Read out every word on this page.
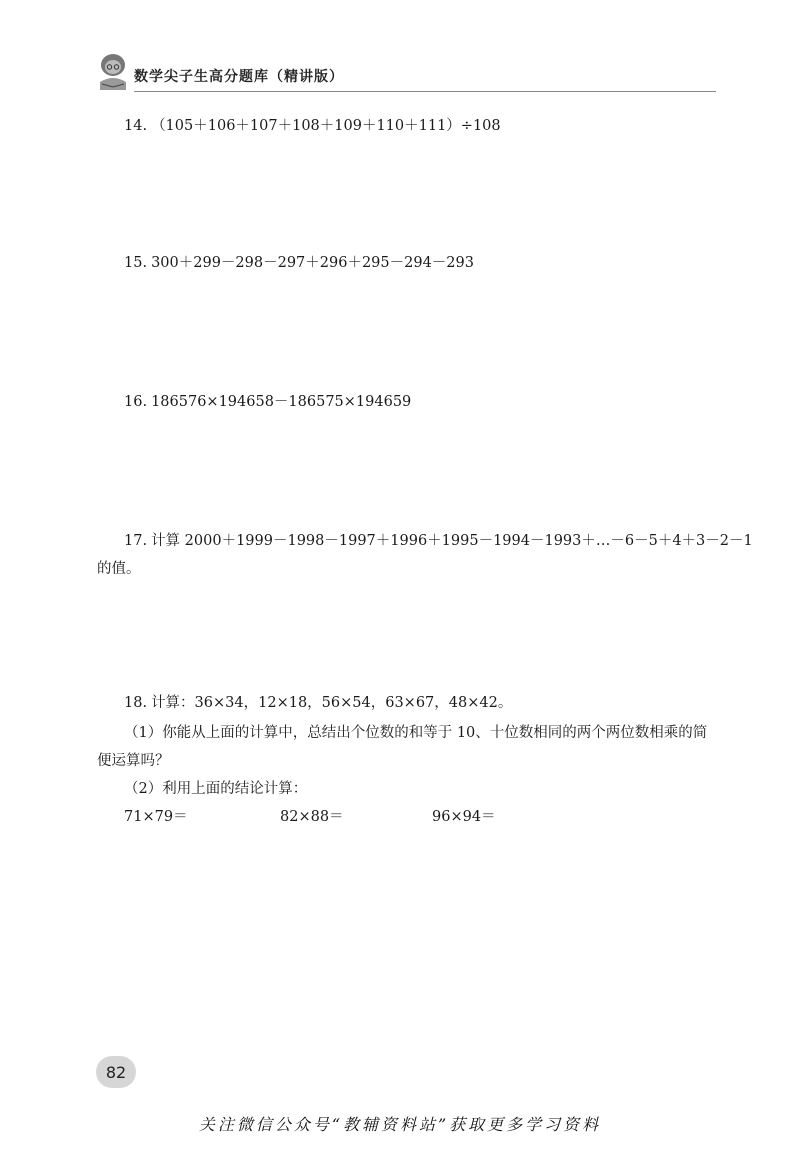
数学尖子生高分题库（精讲版）
14. （105＋106＋107＋108＋109＋110＋111）÷108
15. 300＋299－298－297＋296＋295－294－293
16. 186576×194658－186575×194659
17. 计算 2000＋1999－1998－1997＋1996＋1995－1994－1993＋…－6－5＋4＋3－2－1
的值。
18. 计算：36×34，12×18，56×54，63×67，48×42。
（1）你能从上面的计算中，总结出个位数的和等于 10、十位数相同的两个两位数相乘的简
便运算吗？
（2）利用上面的结论计算：
71×79＝	82×88＝	96×94＝
82
关注微信公众号“教辅资料站”获取更多学习资料
